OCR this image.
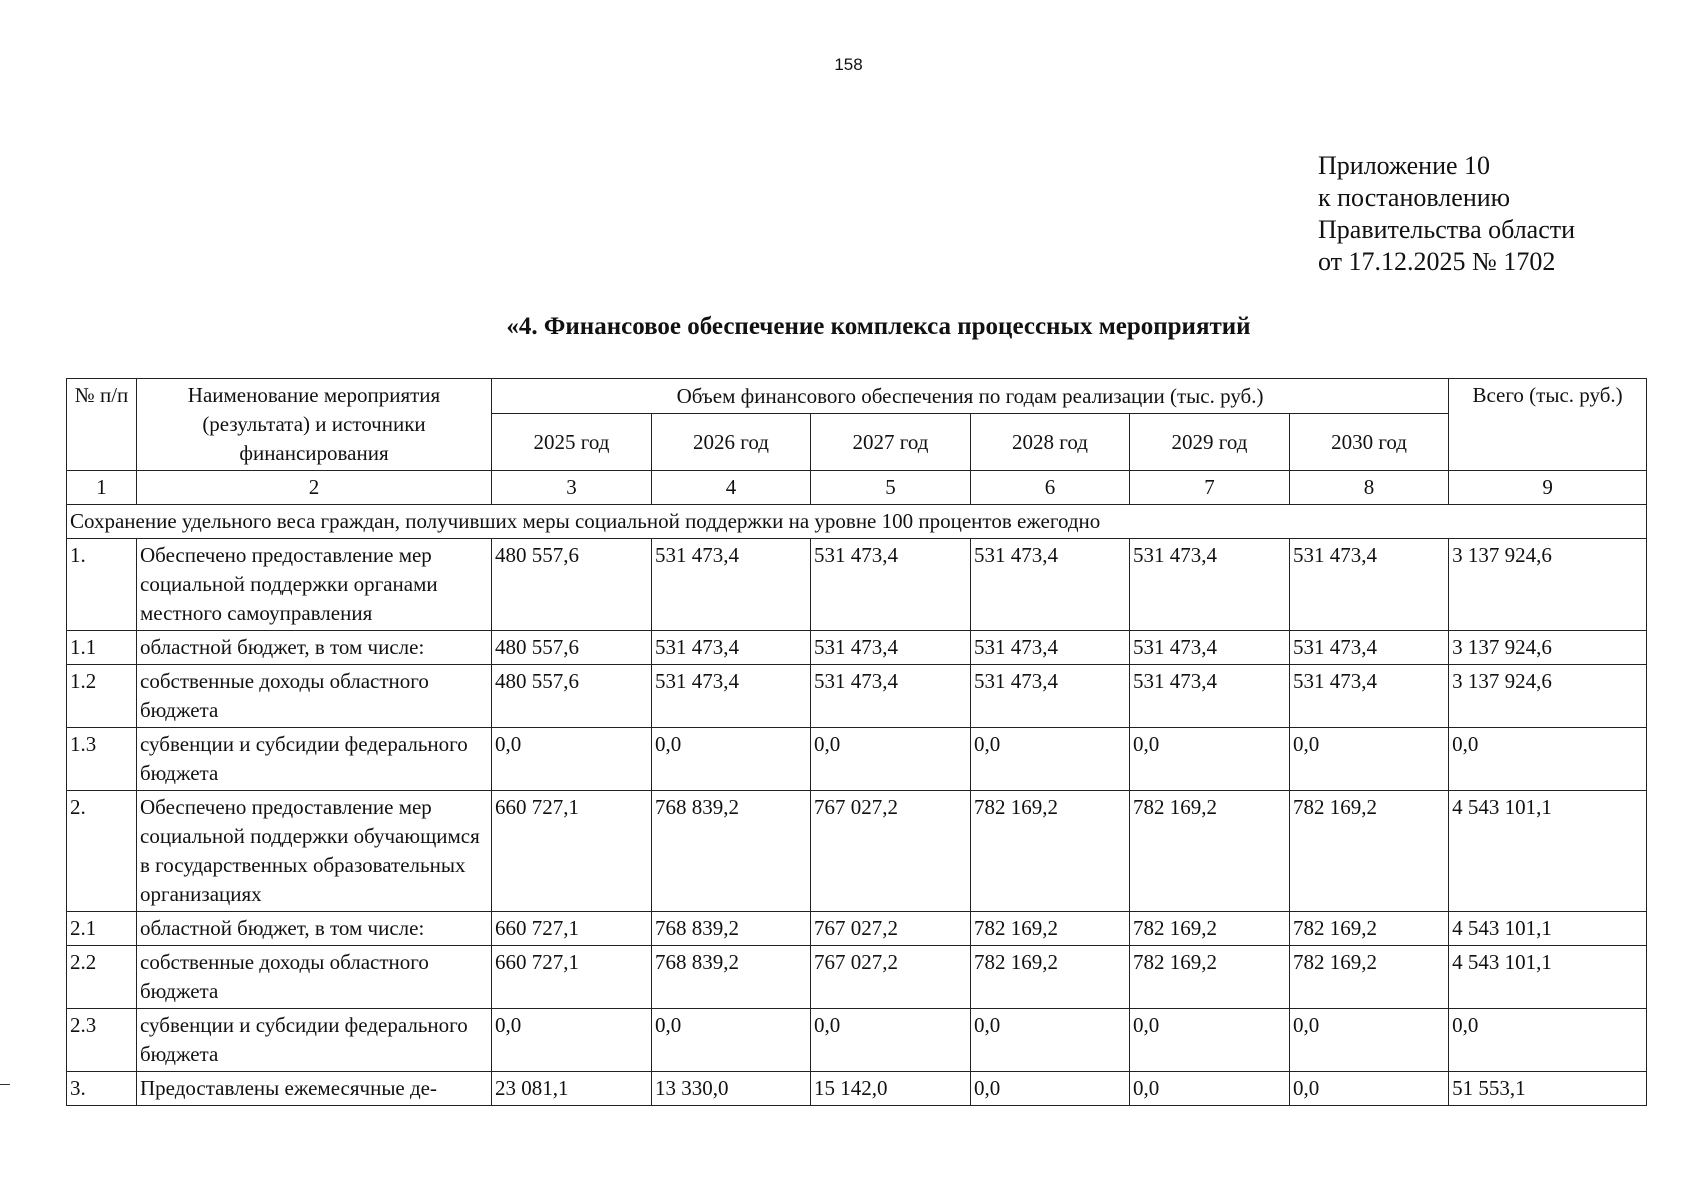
158
Приложение 10
к постановлению
Правительства области
от 17.12.2025 № 1702
«4. Финансовое обеспечение комплекса процессных мероприятий
№ п/п	Наименование мероприятия (результата) и источники финансирования	Объем финансового обеспечения по годам реализации (тыс. руб.)						Всего (тыс. руб.)
		2025 год	2026 год	2027 год	2028 год	2029 год	2030 год	
1	2	3	4	5	6	7	8	9
Сохранение удельного веса граждан, получивших меры социальной поддержки на уровне 100 процентов ежегодно								
1.	Обеспечено предоставление мер социальной поддержки органами местного самоуправления	480 557,6	531 473,4	531 473,4	531 473,4	531 473,4	531 473,4	3 137 924,6
1.1	областной бюджет, в том числе:	480 557,6	531 473,4	531 473,4	531 473,4	531 473,4	531 473,4	3 137 924,6
1.2	собственные доходы областного бюджета	480 557,6	531 473,4	531 473,4	531 473,4	531 473,4	531 473,4	3 137 924,6
1.3	субвенции и субсидии федерального бюджета	0,0	0,0	0,0	0,0	0,0	0,0	0,0
2.	Обеспечено предоставление мер социальной поддержки обучающимся в государственных образовательных организациях	660 727,1	768 839,2	767 027,2	782 169,2	782 169,2	782 169,2	4 543 101,1
2.1	областной бюджет, в том числе:	660 727,1	768 839,2	767 027,2	782 169,2	782 169,2	782 169,2	4 543 101,1
2.2	собственные доходы областного бюджета	660 727,1	768 839,2	767 027,2	782 169,2	782 169,2	782 169,2	4 543 101,1
2.3	субвенции и субсидии федерального бюджета	0,0	0,0	0,0	0,0	0,0	0,0	0,0
3.	Предоставлены ежемесячные де-	23 081,1	13 330,0	15 142,0	0,0	0,0	0,0	51 553,1
